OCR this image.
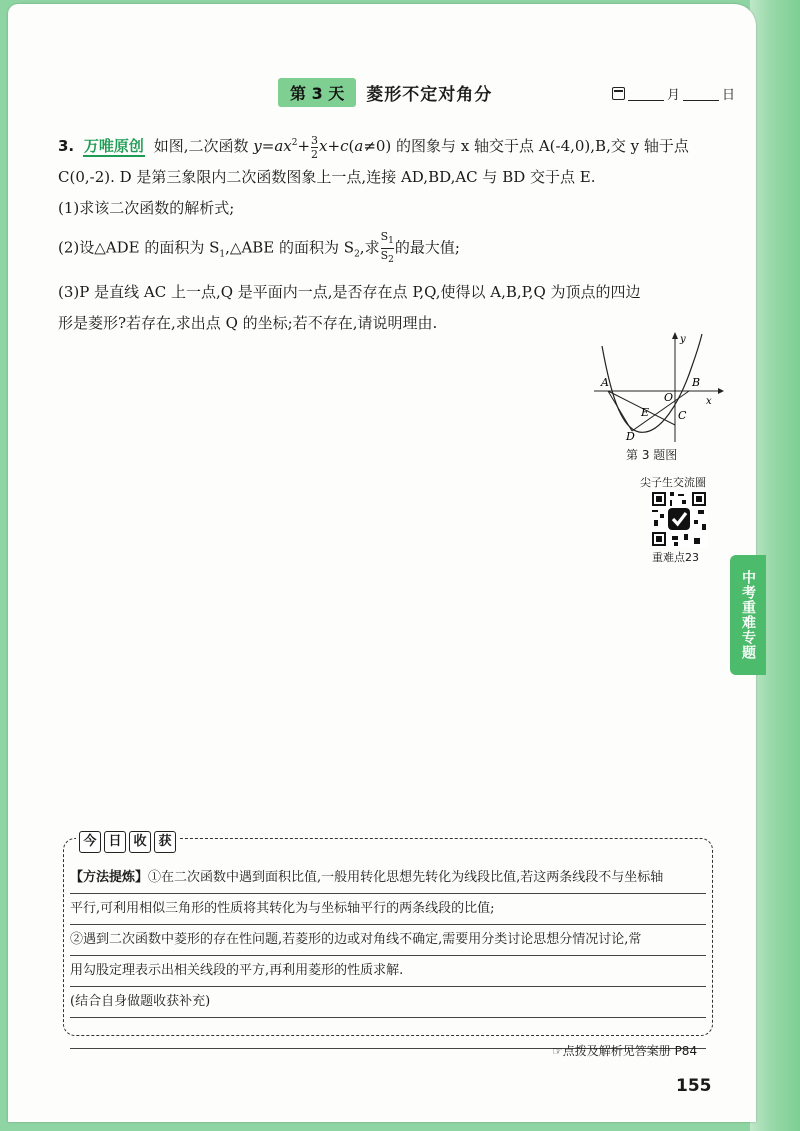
第 3 天	菱形不定对角分	月	日
3. 万唯原创 如图,二次函数 $y=ax^2+ \frac{3}{2} x+c(a\ne 0)$ 的图象与 x 轴交于点 A(-4,0),B,交 y 轴于点
C(0,-2). D 是第三象限内二次函数图象上一点,连接 AD,BD,AC 与 BD 交于点 E.
(1)求该二次函数的解析式;
(2)设△ADE 的面积为 $S_1,\triangle ABE$ 的面积为 $S_2$,求 $\frac{S_1}{S_2}$ 的最大值;
(3)P 是直线 AC 上一点,Q 是平面内一点,是否存在点 P,Q,使得以 A,B,P,Q 为顶点的四边
形是菱形?若存在,求出点 Q 的坐标;若不存在,请说明理由.
A	B
O
C
D
E
x
y
第 3 题图
尖子生交流圈
重难点23
中考重难专题
今 日 收 获
【方法提炼】①在二次函数中遇到面积比值,一般用转化思想先转化为线段比值,若这两条线段不与坐标轴
平行,可利用相似三角形的性质将其转化为与坐标轴平行的两条线段的比值;
②遇到二次函数中菱形的存在性问题,若菱形的边或对角线不确定,需要用分类讨论思想分情况讨论,常
用勾股定理表示出相关线段的平方,再利用菱形的性质求解.
(结合自身做题收获补充)
☞点拨及解析见答案册 P84
155
